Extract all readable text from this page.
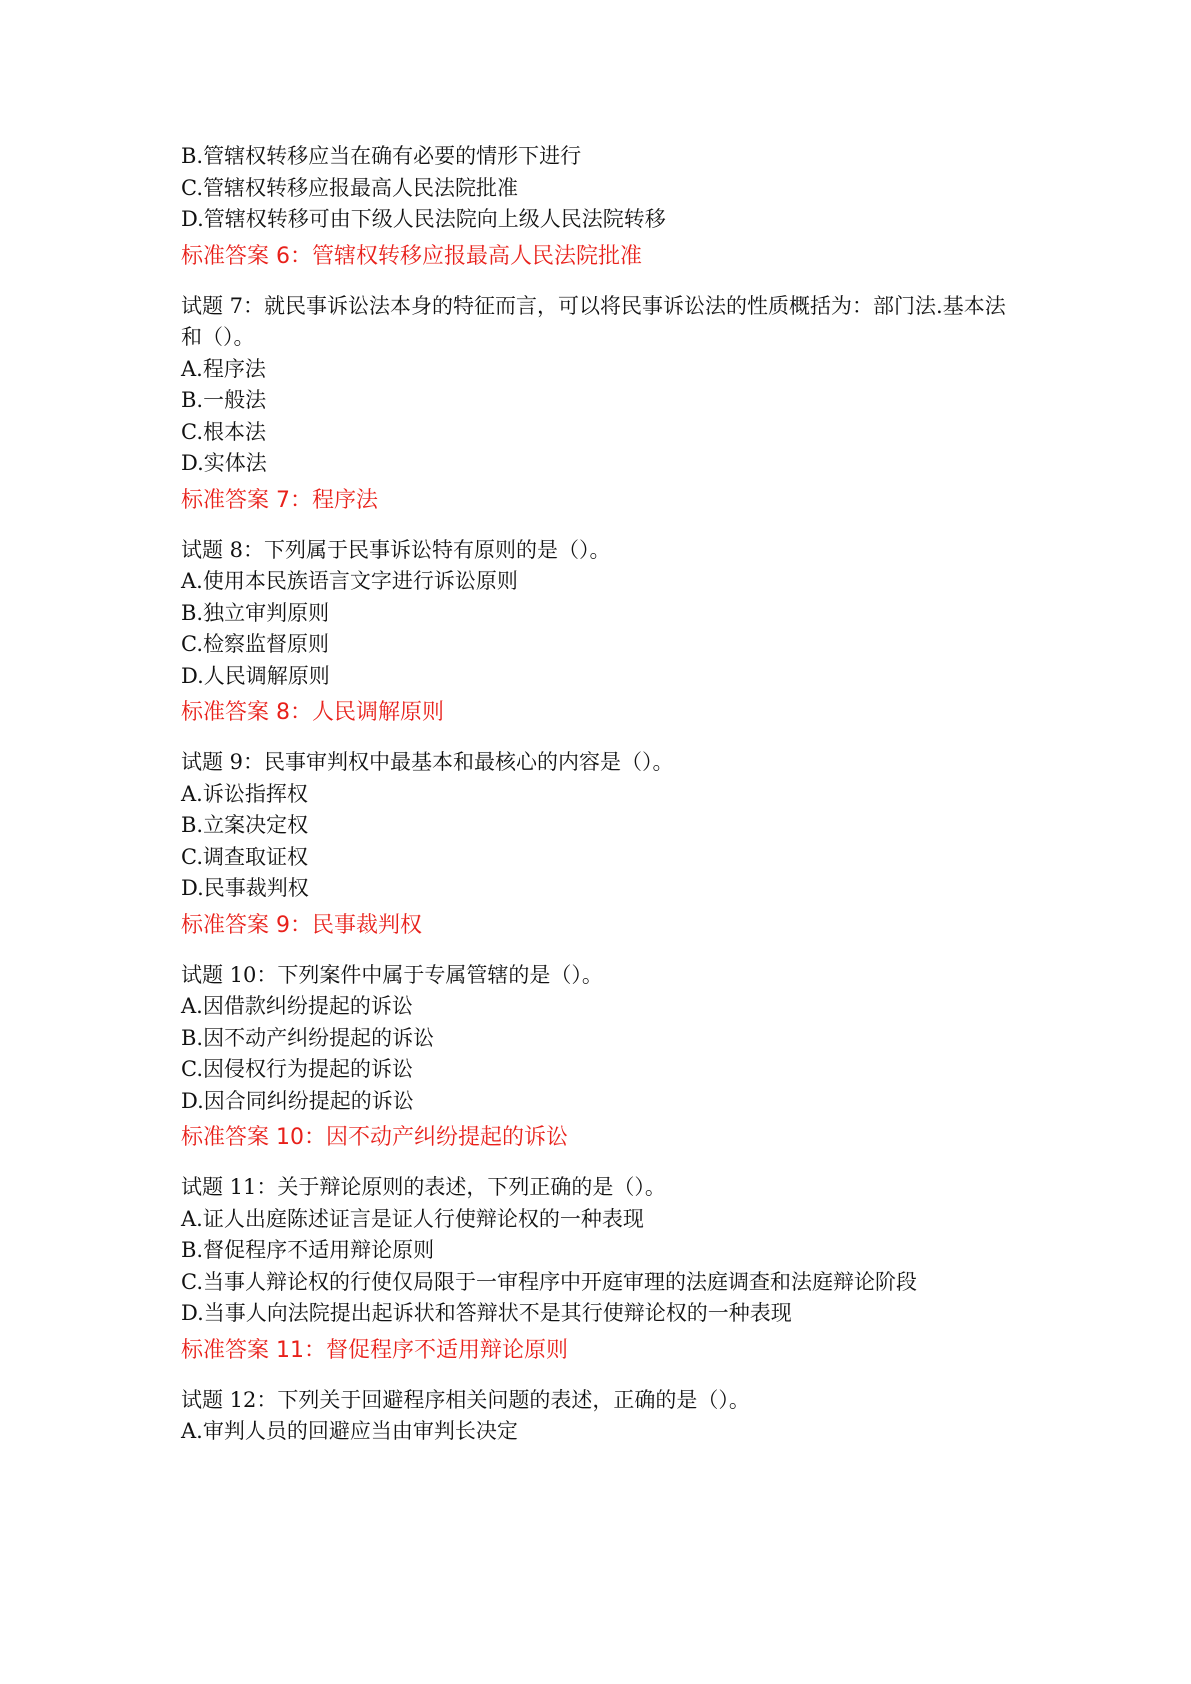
B.管辖权转移应当在确有必要的情形下进行

C.管辖权转移应报最高人民法院批准

D.管辖权转移可由下级人民法院向上级人民法院转移

标准答案 6：管辖权转移应报最高人民法院批准

试题 7：就民事诉讼法本身的特征而言，可以将民事诉讼法的性质概括为：部门法.基本法和（）。

A.程序法

B.一般法

C.根本法

D.实体法

标准答案 7：程序法

试题 8：下列属于民事诉讼特有原则的是（）。

A.使用本民族语言文字进行诉讼原则

B.独立审判原则

C.检察监督原则

D.人民调解原则

标准答案 8：人民调解原则

试题 9：民事审判权中最基本和最核心的内容是（）。

A.诉讼指挥权

B.立案决定权

C.调查取证权

D.民事裁判权

标准答案 9：民事裁判权

试题 10：下列案件中属于专属管辖的是（）。

A.因借款纠纷提起的诉讼

B.因不动产纠纷提起的诉讼

C.因侵权行为提起的诉讼

D.因合同纠纷提起的诉讼

标准答案 10：因不动产纠纷提起的诉讼

试题 11：关于辩论原则的表述，下列正确的是（）。

A.证人出庭陈述证言是证人行使辩论权的一种表现

B.督促程序不适用辩论原则

C.当事人辩论权的行使仅局限于一审程序中开庭审理的法庭调查和法庭辩论阶段

D.当事人向法院提出起诉状和答辩状不是其行使辩论权的一种表现

标准答案 11：督促程序不适用辩论原则

试题 12：下列关于回避程序相关问题的表述，正确的是（）。

A.审判人员的回避应当由审判长决定
